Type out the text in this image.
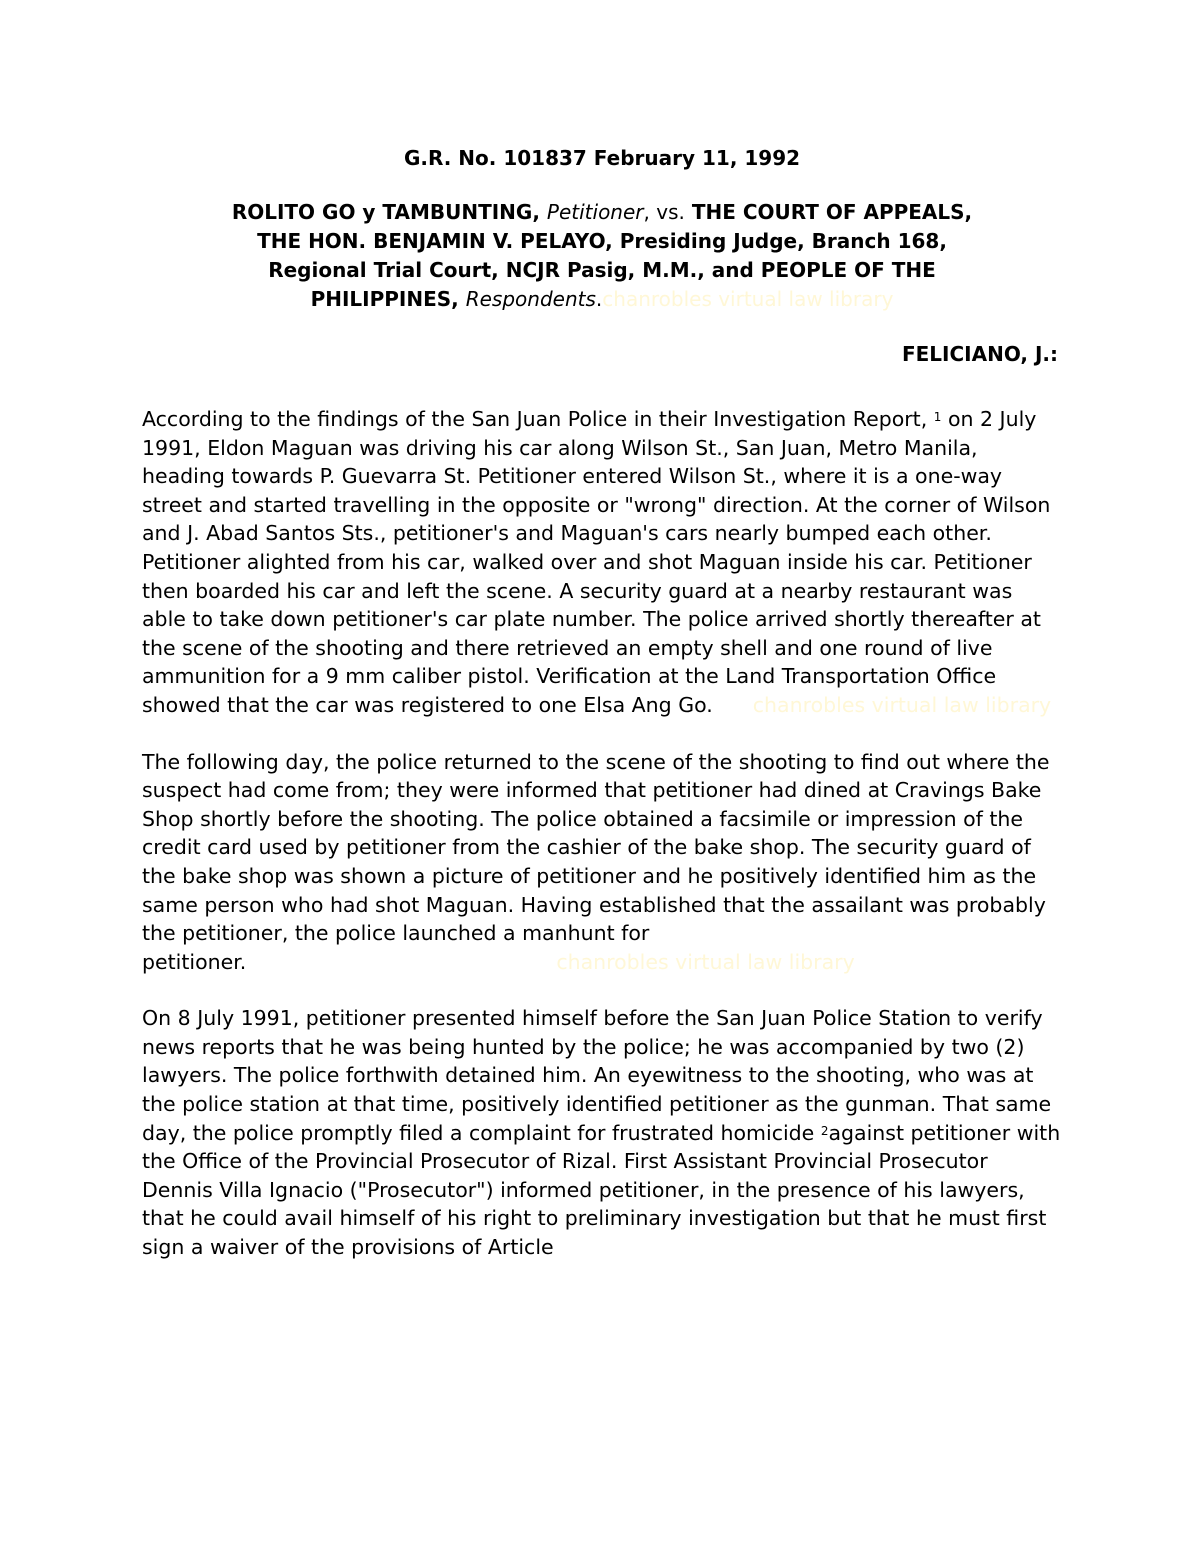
G.R. No. 101837 February 11, 1992

ROLITO GO y TAMBUNTING, Petitioner, vs. THE COURT OF APPEALS,
THE HON. BENJAMIN V. PELAYO, Presiding Judge, Branch 168,
Regional Trial Court, NCJR Pasig, M.M., and PEOPLE OF THE
PHILIPPINES, Respondents.chanrobles virtual law library

FELICIANO, J.:

According to the findings of the San Juan Police in their Investigation Report, $^1$ on 2 July 1991, Eldon Maguan was driving his car along Wilson St., San Juan, Metro Manila, heading towards P. Guevarra St. Petitioner entered Wilson St., where it is a one-way street and started travelling in the opposite or "wrong" direction. At the corner of Wilson and J. Abad Santos Sts., petitioner's and Maguan's cars nearly bumped each other. Petitioner alighted from his car, walked over and shot Maguan inside his car. Petitioner then boarded his car and left the scene. A security guard at a nearby restaurant was able to take down petitioner's car plate number. The police arrived shortly thereafter at the scene of the shooting and there retrieved an empty shell and one round of live ammunition for a 9 mm caliber pistol. Verification at the Land Transportation Office showed that the car was registered to one Elsa Ang Go. chanrobles virtual law library

The following day, the police returned to the scene of the shooting to find out where the suspect had come from; they were informed that petitioner had dined at Cravings Bake Shop shortly before the shooting. The police obtained a facsimile or impression of the credit card used by petitioner from the cashier of the bake shop. The security guard of the bake shop was shown a picture of petitioner and he positively identified him as the same person who had shot Maguan. Having established that the assailant was probably the petitioner, the police launched a manhunt for
petitioner.	chanrobles virtual law library

On 8 July 1991, petitioner presented himself before the San Juan Police Station to verify news reports that he was being hunted by the police; he was accompanied by two (2) lawyers. The police forthwith detained him. An eyewitness to the shooting, who was at the police station at that time, positively identified petitioner as the gunman. That same day, the police promptly filed a complaint for frustrated homicide $^2$against petitioner with the Office of the Provincial Prosecutor of Rizal. First Assistant Provincial Prosecutor Dennis Villa Ignacio ("Prosecutor") informed petitioner, in the presence of his lawyers, that he could avail himself of his right to preliminary investigation but that he must first sign a waiver of the provisions of Article
